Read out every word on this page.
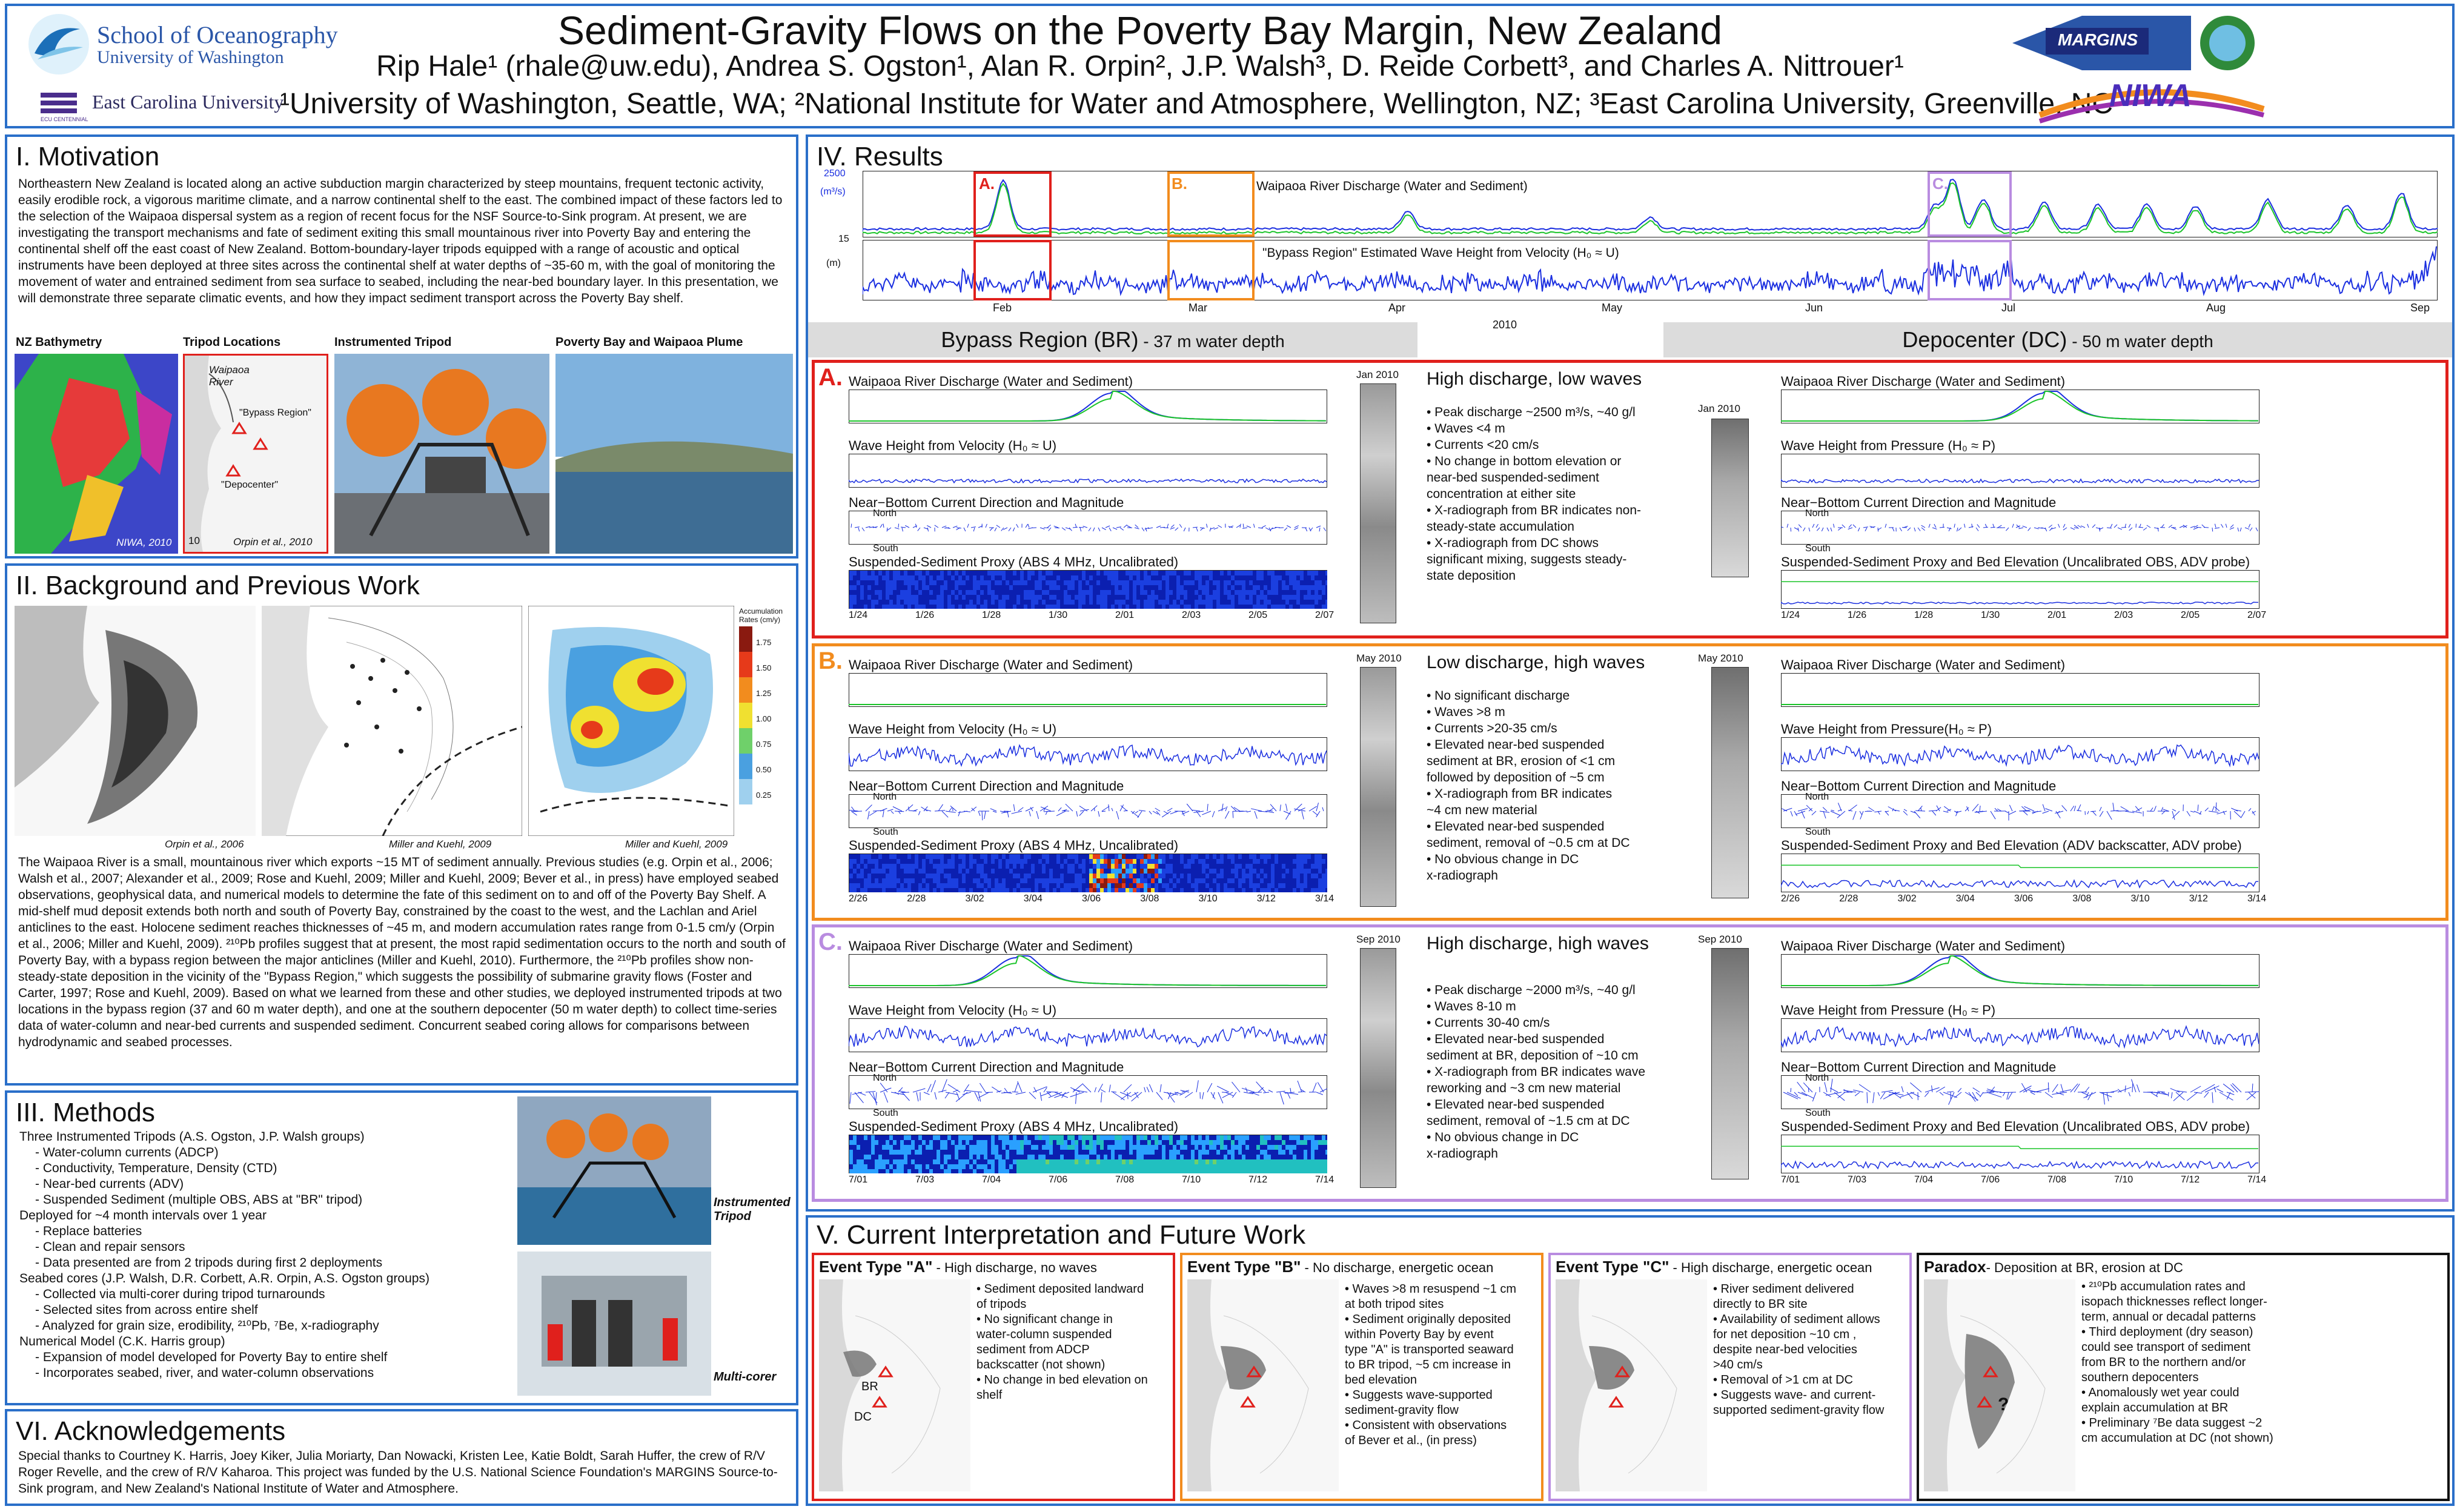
School of Oceanography
University of Washington
East Carolina University
ECU CENTENNIAL
Sediment-Gravity Flows on the Poverty Bay Margin, New Zealand
Rip Hale¹ (rhale@uw.edu), Andrea S. Ogston¹, Alan R. Orpin², J.P. Walsh³, D. Reide Corbett³, and Charles A. Nittrouer¹
¹University of Washington, Seattle, WA; ²National Institute for Water and Atmosphere, Wellington, NZ; ³East Carolina University, Greenville, NC
MARGINS
NIWA
I. Motivation
Northeastern New Zealand is located along an active subduction margin characterized by steep mountains, frequent tectonic activity, easily erodible rock, a vigorous maritime climate, and a narrow continental shelf to the east. The combined impact of these factors led to the selection of the Waipaoa dispersal system as a region of recent focus for the NSF Source-to-Sink program. At present, we are investigating the transport mechanisms and fate of sediment exiting this small mountainous river into Poverty Bay and entering the continental shelf off the east coast of New Zealand. Bottom-boundary-layer tripods equipped with a range of acoustic and optical instruments have been deployed at three sites across the continental shelf at water depths of ~35-60 m, with the goal of monitoring the movement of water and entrained sediment from sea surface to seabed, including the near-bed boundary layer. In this presentation, we will demonstrate three separate climatic events, and how they impact sediment transport across the Poverty Bay shelf.
NZ Bathymetry	Tripod Locations	Instrumented Tripod	Poverty Bay and Waipaoa Plume
NIWA, 2010
Waipaoa River
"Bypass Region"
"Depocenter"
10	Orpin et al., 2010
II. Background and Previous Work
Orpin et al., 2006	Miller and Kuehl, 2009	Miller and Kuehl, 2009
Accumulation Rates (cm/y)
1.75
1.50
1.25
1.00
0.75
0.50
0.25
The Waipaoa River is a small, mountainous river which exports ~15 MT of sediment annually. Previous studies (e.g. Orpin et al., 2006; Walsh et al., 2007; Alexander et al., 2009; Rose and Kuehl, 2009; Miller and Kuehl, 2009; Bever et al., in press) have employed seabed observations, geophysical data, and numerical models to determine the fate of this sediment on to and off of the Poverty Bay Shelf. A mid-shelf mud deposit extends both north and south of Poverty Bay, constrained by the coast to the west, and the Lachlan and Ariel anticlines to the east. Holocene sediment reaches thicknesses of ~45 m, and modern accumulation rates range from 0-1.5 cm/y (Orpin et al., 2006; Miller and Kuehl, 2009). ²¹⁰Pb profiles suggest that at present, the most rapid sedimentation occurs to the north and south of Poverty Bay, with a bypass region between the major anticlines (Miller and Kuehl, 2010). Furthermore, the ²¹⁰Pb profiles show non-steady-state deposition in the vicinity of the "Bypass Region," which suggests the possibility of submarine gravity flows (Foster and Carter, 1997; Rose and Kuehl, 2009). Based on what we learned from these and other studies, we deployed instrumented tripods at two locations in the bypass region (37 and 60 m water depth), and one at the southern depocenter (50 m water depth) to collect time-series data of water-column and near-bed currents and suspended sediment. Concurrent seabed coring allows for comparisons between hydrodynamic and seabed processes.
III. Methods
Three Instrumented Tripods (A.S. Ogston, J.P. Walsh groups)
- Water-column currents (ADCP)
- Conductivity, Temperature, Density (CTD)
- Near-bed currents (ADV)
- Suspended Sediment (multiple OBS, ABS at "BR" tripod)
Deployed for ~4 month intervals over 1 year
- Replace batteries
- Clean and repair sensors
- Data presented are from 2 tripods during first 2 deployments
Seabed cores (J.P. Walsh, D.R. Corbett, A.R. Orpin, A.S. Ogston groups)
- Collected via multi-corer during tripod turnarounds
- Selected sites from across entire shelf
- Analyzed for grain size, erodibility, ²¹⁰Pb, ⁷Be, x-radiography
Numerical Model (C.K. Harris group)
- Expansion of model developed for Poverty Bay to entire shelf
- Incorporates seabed, river, and water-column observations
Instrumented Tripod
Multi-corer
VI. Acknowledgements
Special thanks to Courtney K. Harris, Joey Kiker, Julia Moriarty, Dan Nowacki, Kristen Lee, Katie Boldt, Sarah Huffer, the crew of R/V Roger Revelle, and the crew of R/V Kaharoa. This project was funded by the U.S. National Science Foundation's MARGINS Source-to-Sink program, and New Zealand's National Institute of Water and Atmosphere.
IV. Results
(m³/s)
(m)
2500
15
A.	B.	C.
Waipaoa River Discharge (Water and Sediment)
"Bypass Region" Estimated Wave Height from Velocity (H₀ ≈ U)
Feb	Mar	Apr	May	Jun	Jul	Aug	Sep
2010
Bypass Region (BR) - 37 m water depth	Depocenter (DC) - 50 m water depth
A. Waipaoa River Discharge (Water and Sediment)	Waipaoa River Discharge (Water and Sediment)
Wave Height from Velocity (H₀ ≈ U)	Wave Height from Pressure (H₀ ≈ P)
Near−Bottom Current Direction and Magnitude	Near−Bottom Current Direction and Magnitude
Suspended-Sediment Proxy (ABS 4 MHz, Uncalibrated)	Suspended-Sediment Proxy and Bed Elevation (Uncalibrated OBS, ADV probe)
North
South
North
South
1/24	1/24
1/26	1/26
1/28	1/28
1/30	1/30
2/01	2/01
2/03	2/03
2/05	2/05
2/07	2/07
Jan 2010
Jan 2010
High discharge, low waves
• Peak discharge ~2500 m³/s, ~40 g/l
• Waves <4 m
• Currents <20 cm/s
• No change in bottom elevation or
near-bed suspended-sediment
concentration at either site
• X-radiograph from BR indicates non-
steady-state accumulation
• X-radiograph from DC shows
significant mixing, suggests steady-
state deposition
B. Waipaoa River Discharge (Water and Sediment)	Waipaoa River Discharge (Water and Sediment)
Wave Height from Velocity (H₀ ≈ U)	Wave Height from Pressure(H₀ ≈ P)
Near−Bottom Current Direction and Magnitude	Near−Bottom Current Direction and Magnitude
Suspended-Sediment Proxy (ABS 4 MHz, Uncalibrated)	Suspended-Sediment Proxy and Bed Elevation (ADV backscatter, ADV probe)
North
South
North
South
2/26	2/26
2/28	2/28
3/02	3/02
3/04	3/04
3/06	3/06
3/08	3/08
3/10	3/10
3/12	3/12
3/14	3/14
May 2010	May 2010
Low discharge, high waves
• No significant discharge
• Waves >8 m
• Currents >20-35 cm/s
• Elevated near-bed suspended
sediment at BR, erosion of <1 cm
followed by deposition of ~5 cm
• X-radiograph from BR indicates
~4 cm new material
• Elevated near-bed suspended
sediment, removal of ~0.5 cm at DC
• No obvious change in DC
x-radiograph
C. Waipaoa River Discharge (Water and Sediment)	Waipaoa River Discharge (Water and Sediment)
Wave Height from Velocity (H₀ ≈ U)	Wave Height from Pressure (H₀ ≈ P)
Near−Bottom Current Direction and Magnitude	Near−Bottom Current Direction and Magnitude
Suspended-Sediment Proxy (ABS 4 MHz, Uncalibrated)	Suspended-Sediment Proxy and Bed Elevation (Uncalibrated OBS, ADV probe)
North
South
North
South
7/01	7/01
7/03	7/03
7/04	7/04
7/06	7/06
7/08	7/08
7/10	7/10
7/12	7/12
7/14	7/14
Sep 2010	Sep 2010
High discharge, high waves
• Peak discharge ~2000 m³/s, ~40 g/l
• Waves 8-10 m
• Currents 30-40 cm/s
• Elevated near-bed suspended
sediment at BR, deposition of ~10 cm
• X-radiograph from BR indicates wave
reworking and ~3 cm new material
• Elevated near-bed suspended
sediment, removal of ~1.5 cm at DC
• No obvious change in DC
x-radiograph
V. Current Interpretation and Future Work
Event Type "A" - High discharge, no waves
BR
DC
• Sediment deposited landward
of tripods
• No significant change in
water-column suspended
sediment from ADCP
backscatter (not shown)
• No change in bed elevation on
shelf
Event Type "B" - No discharge, energetic ocean
• Waves >8 m resuspend ~1 cm
at both tripod sites
• Sediment originally deposited
within Poverty Bay by event
type "A" is transported seaward
to BR tripod, ~5 cm increase in
bed elevation
• Suggests wave-supported
sediment-gravity flow
• Consistent with observations
of Bever et al., (in press)
Event Type "C" - High discharge, energetic ocean
• River sediment delivered
directly to BR site
• Availability of sediment allows
for net deposition ~10 cm ,
despite near-bed velocities
>40 cm/s
• Removal of >1 cm at DC
• Suggests wave- and current-
supported sediment-gravity flow
Paradox- Deposition at BR, erosion at DC
?
• ²¹⁰Pb accumulation rates and
isopach thicknesses reflect longer-
term, annual or decadal patterns
• Third deployment (dry season)
could see transport of sediment
from BR to the northern and/or
southern depocenters
• Anomalously wet year could
explain accumulation at BR
• Preliminary ⁷Be data suggest ~2
cm accumulation at DC (not shown)
